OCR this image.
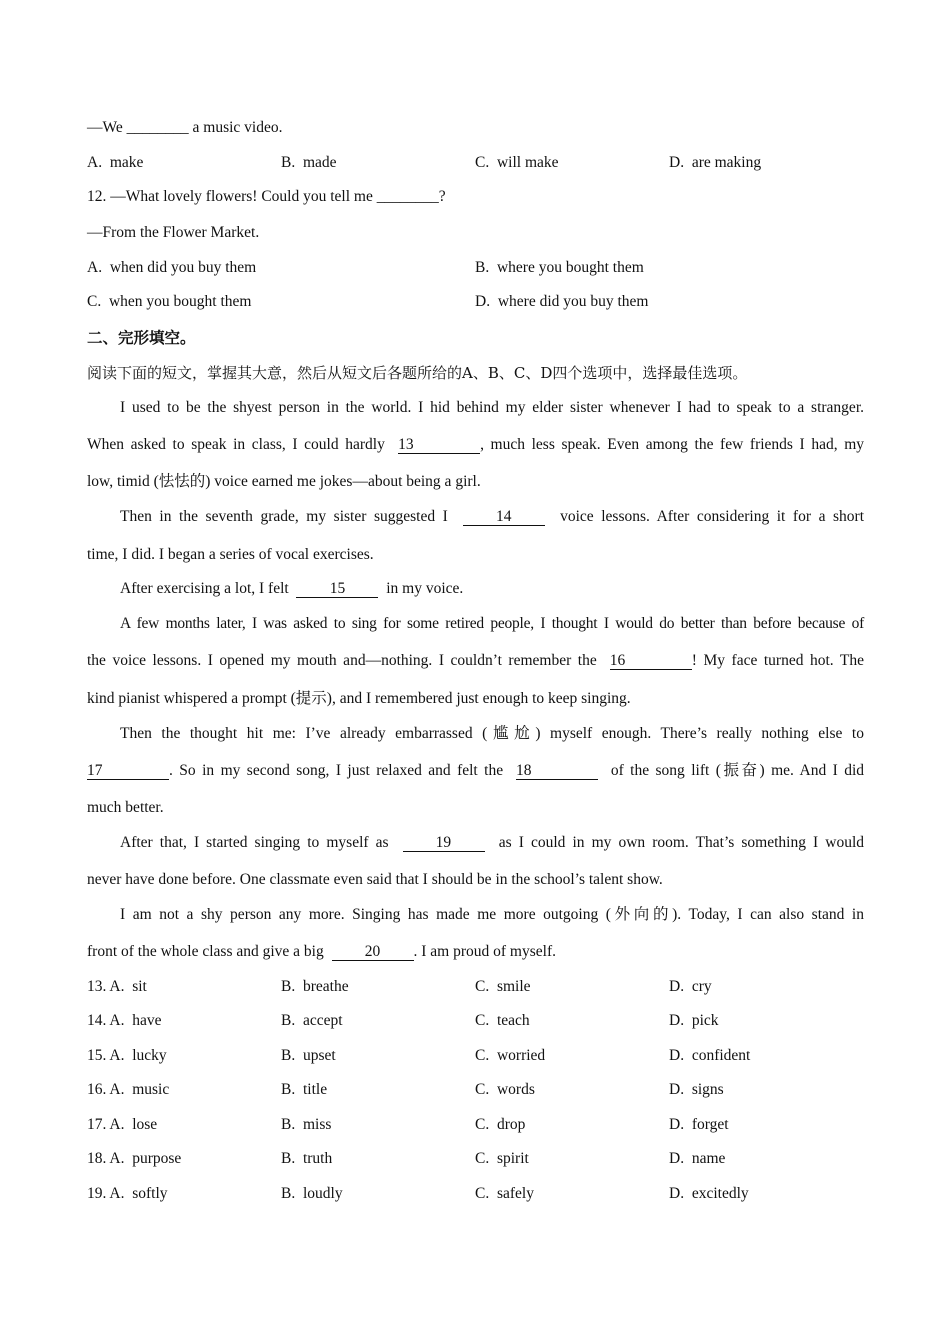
—We ________ a music video.
A. make	B. made	C. will make	D. are making
12. —What lovely flowers! Could you tell me ________?
—From the Flower Market.
A. when did you buy them	B. where you bought them
C. when you bought them	D. where did you buy them
二、完形填空。
阅读下面的短文，掌握其大意，然后从短文后各题所给的A、B、C、D四个选项中，选择最佳选项。
I used to be the shyest person in the world. I hid behind my elder sister whenever I had to speak to a stranger.
When asked to speak in class, I could hardly 13	, much less speak. Even among the few friends I had, my
low, timid (怯怯的) voice earned me jokes—about being a girl.
Then in the seventh grade, my sister suggested I	14	voice lessons. After considering it for a short
time, I did. I began a series of vocal exercises.
After exercising a lot, I felt	15	in my voice.
A few months later, I was asked to sing for some retired people, I thought I would do better than before because of
the voice lessons. I opened my mouth and—nothing. I couldn’t remember the 16	! My face turned hot. The
kind pianist whispered a prompt (提示), and I remembered just enough to keep singing.
Then the thought hit me: I’ve already embarrassed (尴尬) myself enough. There’s really nothing else to
17	. So in my second song, I just relaxed and felt the 18	of the song lift (振奋) me. And I did
much better.
After that, I started singing to myself as	19	as I could in my own room. That’s something I would
never have done before. One classmate even said that I should be in the school’s talent show.
I am not a shy person any more. Singing has made me more outgoing (外向的). Today, I can also stand in
front of the whole class and give a big	20 . I am proud of myself.
13. A. sit	B. breathe	C. smile	D. cry
14. A. have	B. accept	C. teach	D. pick
15. A. lucky	B. upset	C. worried	D. confident
16. A. music	B. title	C. words	D. signs
17. A. lose	B. miss	C. drop	D. forget
18. A. purpose	B. truth	C. spirit	D. name
19. A. softly	B. loudly	C. safely	D. excitedly
